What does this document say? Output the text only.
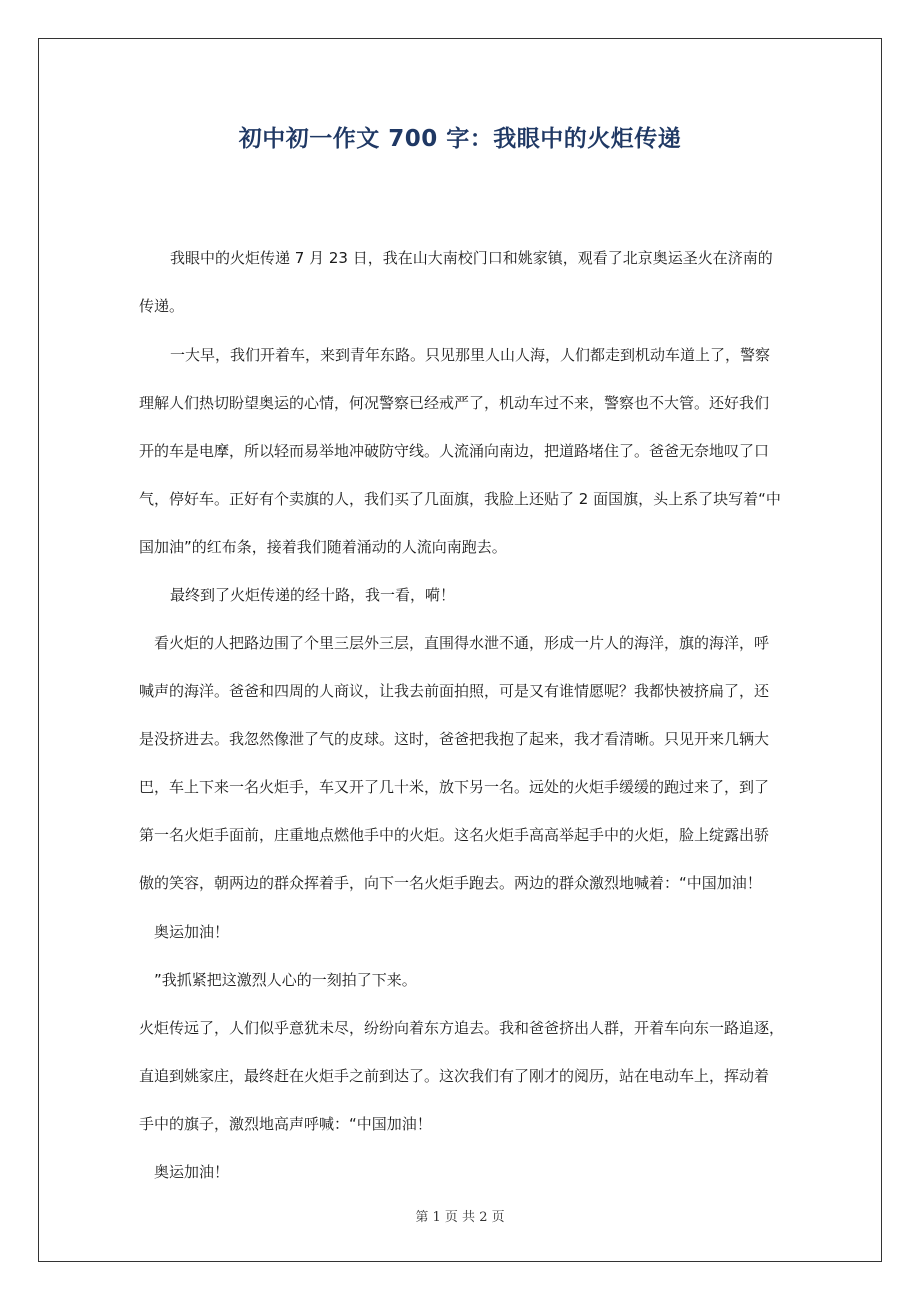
初中初一作文 700 字：我眼中的火炬传递
我眼中的火炬传递 7 月 23 日，我在山大南校门口和姚家镇，观看了北京奥运圣火在济南的
传递。
一大早，我们开着车，来到青年东路。只见那里人山人海，人们都走到机动车道上了，警察
理解人们热切盼望奥运的心情，何况警察已经戒严了，机动车过不来，警察也不大管。还好我们
开的车是电摩，所以轻而易举地冲破防守线。人流涌向南边，把道路堵住了。爸爸无奈地叹了口
气，停好车。正好有个卖旗的人，我们买了几面旗，我脸上还贴了 2 面国旗，头上系了块写着“中
国加油”的红布条，接着我们随着涌动的人流向南跑去。
最终到了火炬传递的经十路，我一看，嗬！
看火炬的人把路边围了个里三层外三层，直围得水泄不通，形成一片人的海洋，旗的海洋，呼
喊声的海洋。爸爸和四周的人商议，让我去前面拍照，可是又有谁情愿呢？我都快被挤扁了，还
是没挤进去。我忽然像泄了气的皮球。这时，爸爸把我抱了起来，我才看清晰。只见开来几辆大
巴，车上下来一名火炬手，车又开了几十米，放下另一名。远处的火炬手缓缓的跑过来了，到了
第一名火炬手面前，庄重地点燃他手中的火炬。这名火炬手高高举起手中的火炬，脸上绽露出骄
傲的笑容，朝两边的群众挥着手，向下一名火炬手跑去。两边的群众激烈地喊着：“中国加油！
奥运加油！
”我抓紧把这激烈人心的一刻拍了下来。
火炬传远了，人们似乎意犹未尽，纷纷向着东方追去。我和爸爸挤出人群，开着车向东一路追逐，
直追到姚家庄，最终赶在火炬手之前到达了。这次我们有了刚才的阅历，站在电动车上，挥动着
手中的旗子，激烈地高声呼喊：“中国加油！
奥运加油！
第 1 页 共 2 页
